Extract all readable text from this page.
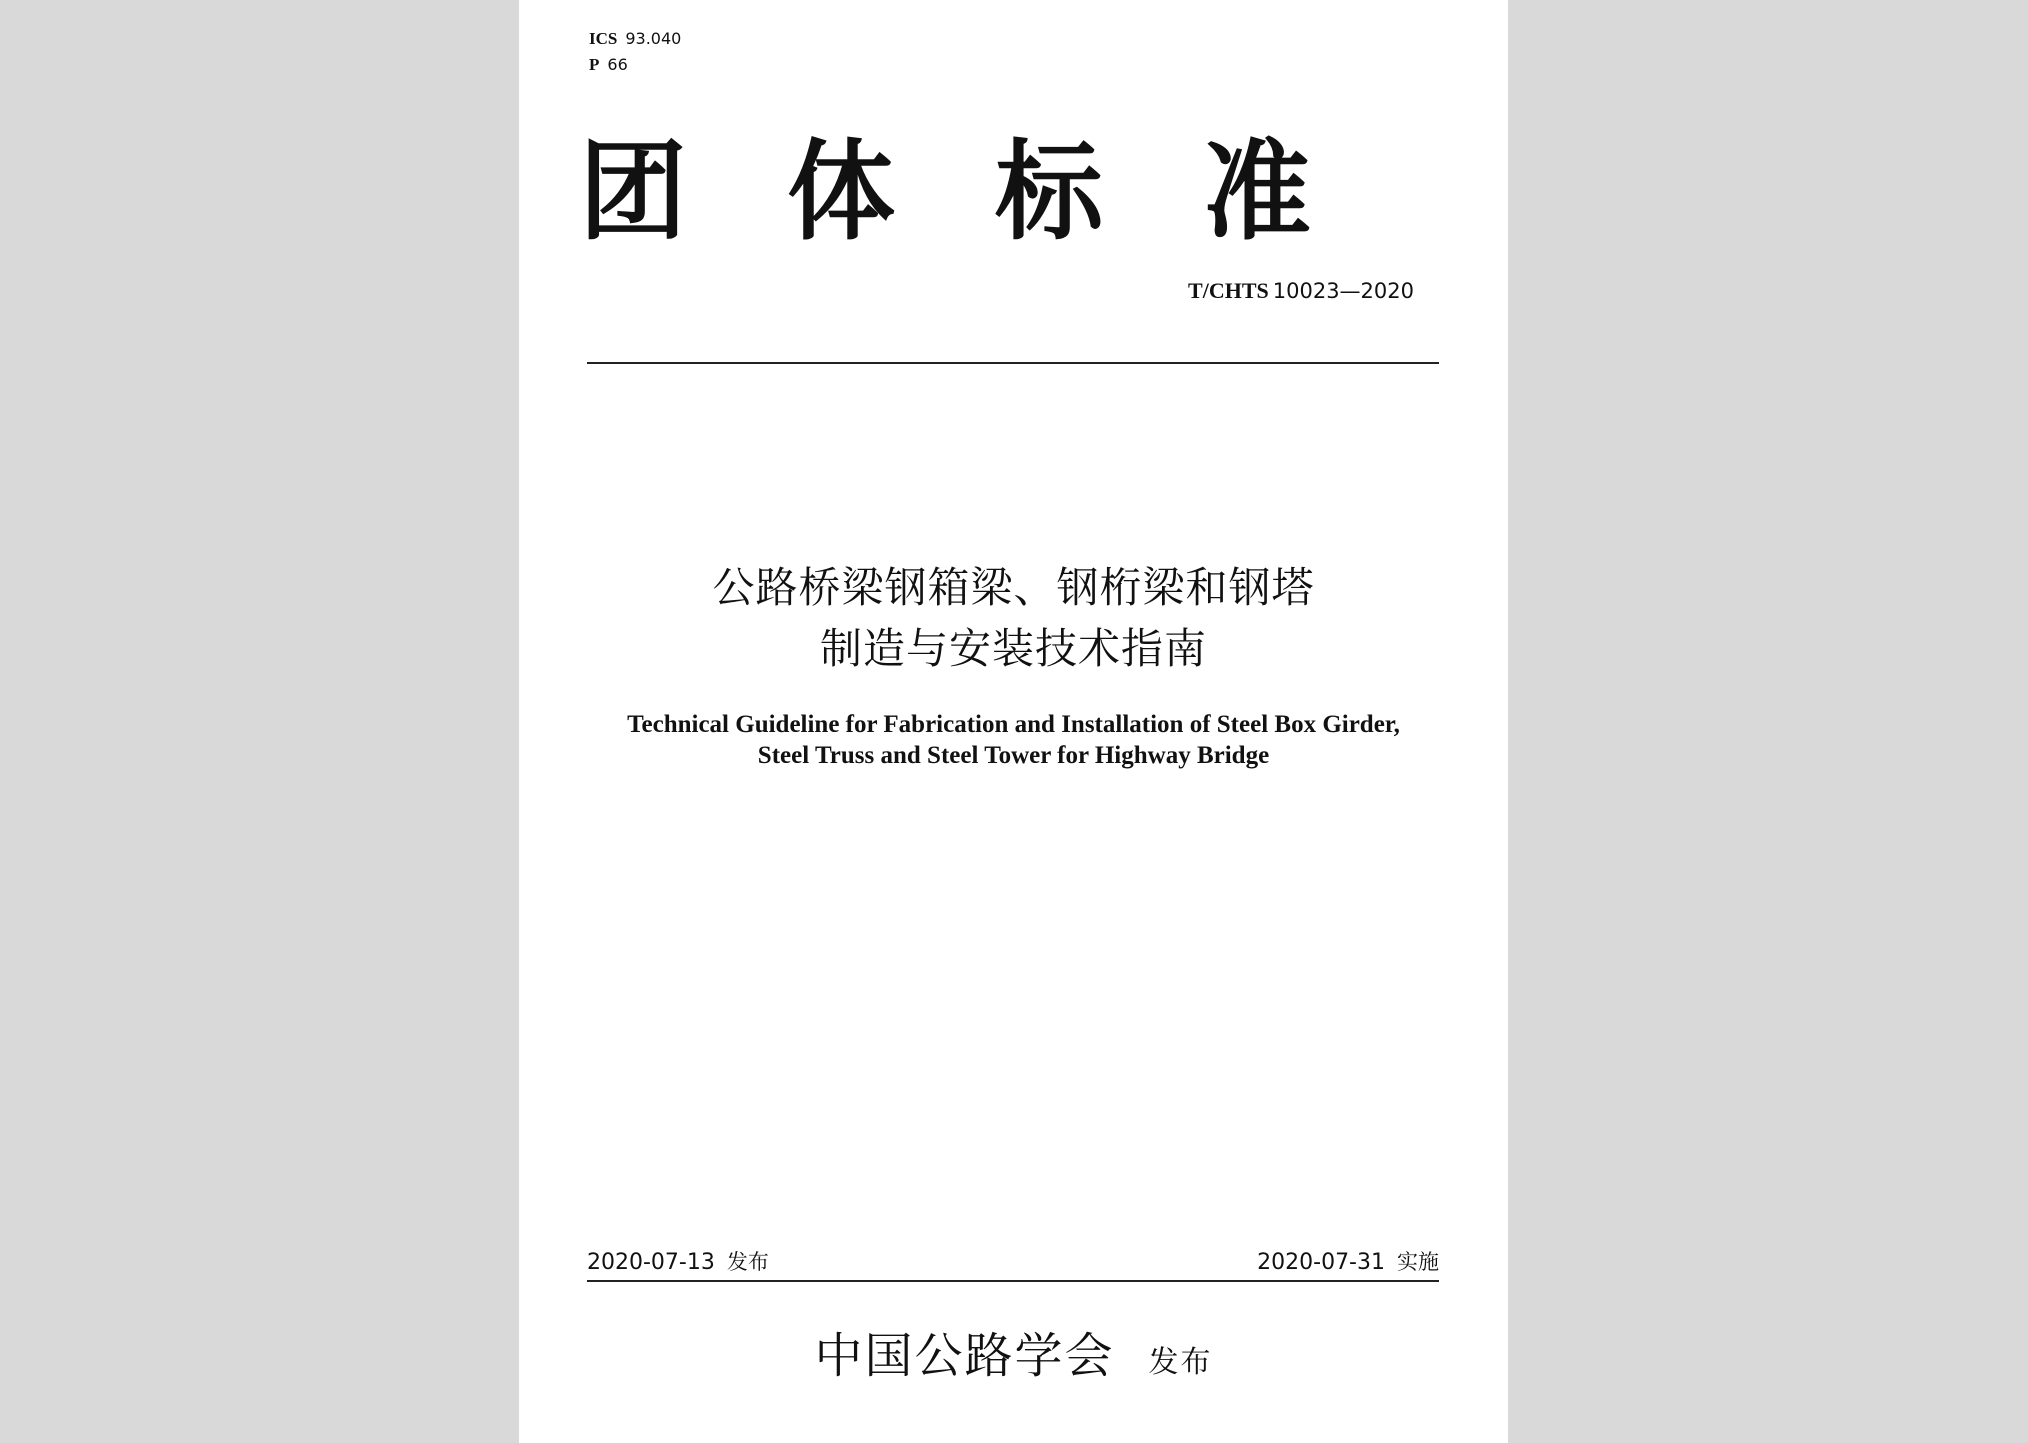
ICS 93.040
P 66
团体标准
T/CHTS 10023—2020
公路桥梁钢箱梁、钢桁梁和钢塔
制造与安装技术指南
Technical Guideline for Fabrication and Installation of Steel Box Girder,
Steel Truss and Steel Tower for Highway Bridge
2020-07-13 发布	2020-07-31 实施
中国公路学会 发布
